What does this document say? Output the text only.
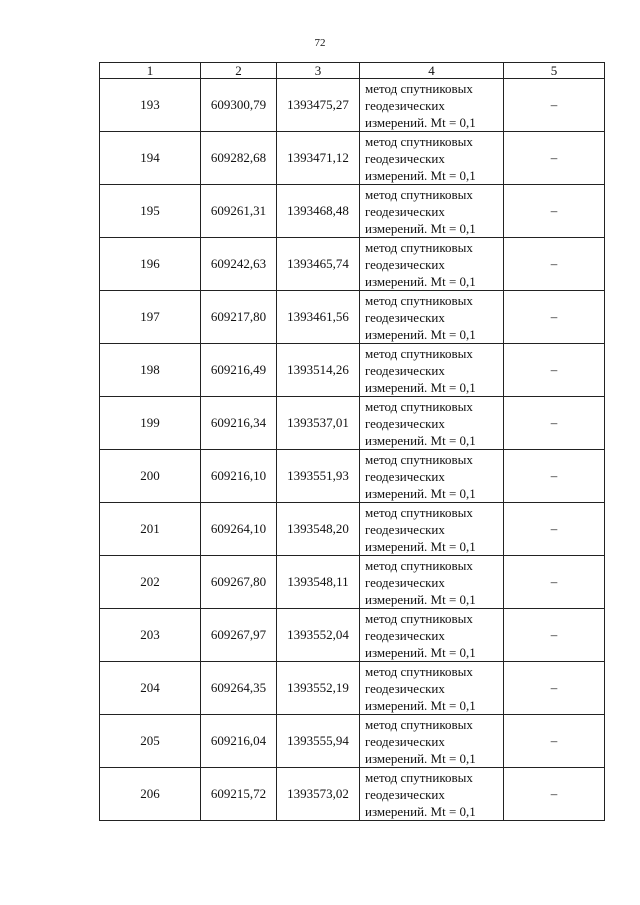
72
1	2	3	4	5
193	609300,79	1393475,27	метод спутниковых
геодезических
измерений. Mt = 0,1	–
194	609282,68	1393471,12	метод спутниковых
геодезических
измерений. Mt = 0,1	–
195	609261,31	1393468,48	метод спутниковых
геодезических
измерений. Mt = 0,1	–
196	609242,63	1393465,74	метод спутниковых
геодезических
измерений. Mt = 0,1	–
197	609217,80	1393461,56	метод спутниковых
геодезических
измерений. Mt = 0,1	–
198	609216,49	1393514,26	метод спутниковых
геодезических
измерений. Mt = 0,1	–
199	609216,34	1393537,01	метод спутниковых
геодезических
измерений. Mt = 0,1	–
200	609216,10	1393551,93	метод спутниковых
геодезических
измерений. Mt = 0,1	–
201	609264,10	1393548,20	метод спутниковых
геодезических
измерений. Mt = 0,1	–
202	609267,80	1393548,11	метод спутниковых
геодезических
измерений. Mt = 0,1	–
203	609267,97	1393552,04	метод спутниковых
геодезических
измерений. Mt = 0,1	–
204	609264,35	1393552,19	метод спутниковых
геодезических
измерений. Mt = 0,1	–
205	609216,04	1393555,94	метод спутниковых
геодезических
измерений. Mt = 0,1	–
206	609215,72	1393573,02	метод спутниковых
геодезических
измерений. Mt = 0,1	–
